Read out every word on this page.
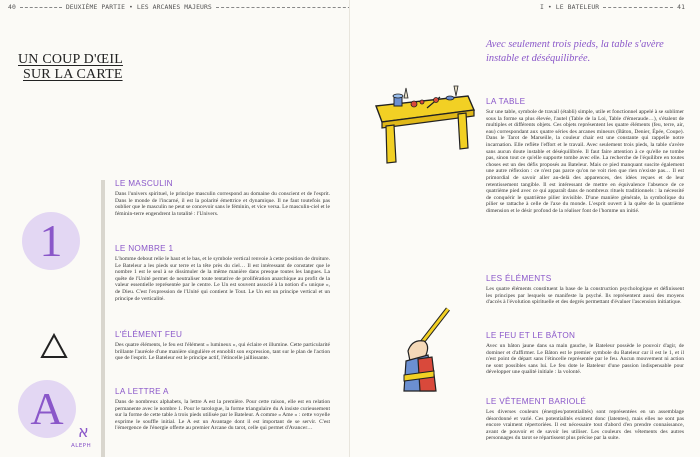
40	DEUXIÈME PARTIE • LES ARCANES MAJEURS
UN COUP D'ŒIL
SUR LA CARTE
1
A א
ALEPH
LE MASCULIN

Dans l'univers spirituel, le principe masculin correspond au domaine du conscient et de l'esprit. Dans le monde de l'incarné, il est la polarité émettrice et dynamique. Il ne faut toutefois pas oublier que le masculin ne peut se concevoir sans le féminin, et vice versa. Le masculin-ciel et le féminin-terre engendrent la totalité : l'Univers.

LE NOMBRE 1

L'homme debout relie le haut et le bas, et le symbole vertical renvoie à cette position de droiture. Le Bateleur a les pieds sur terre et la tête près du ciel… Il est intéressant de constater que le nombre 1 est le seul à se dissimuler de la même manière dans presque toutes les langues. La quête de l'Unité permet de neutraliser toute tentative de prolifération anarchique au profit de la valeur essentielle représentée par le centre. Le Un est souvent associé à la notion d'« unique », de Dieu. C'est l'expression de l'Unité qui contient le Tout. Le Un est un principe vertical et un principe de verticalité.

L'ÉLÉMENT FEU

Des quatre éléments, le feu est l'élément « lumineux », qui éclaire et illumine. Cette particularité brillante l'auréole d'une manière singulière et ennoblit son expression, tant sur le plan de l'action que de l'esprit. Le Bateleur est le principe actif, l'étincelle jaillissante.

LA LETTRE A

Dans de nombreux alphabets, la lettre A est la première. Pour cette raison, elle est en relation permanente avec le nombre 1. Pour le tarologue, la forme triangulaire du A insiste curieusement sur la forme de cette table à trois pieds utilisée par le Bateleur. A comme « Ame » : cette voyelle exprime le souffle initial. Le A est un Avantage dont il est important de se servir. C'est l'émergence de l'énergie offerte au premier Arcane du tarot, celle qui permet d'Avancer…

I • LE BATELEUR	41
Avec seulement trois pieds, la table s'avère instable et déséquilibrée.
LA TABLE

Sur une table, symbole de travail (établi) simple, utile et fonctionnel appelé à se sublimer sous la forme sa plus élevée, l'autel (Table de la Loi, Table d'émeraude…), s'étalent de multiples et différents objets. Ces objets représentent les quatre éléments (feu, terre, air, eau) correspondant aux quatre séries des arcanes mineurs (Bâton, Denier, Épée, Coupe). Dans le Tarot de Marseille, la couleur chair est une constante qui rappelle notre incarnation. Elle reflète l'effort et le travail. Avec seulement trois pieds, la table s'avère sans aucun doute instable et déséquilibrée. Il faut faire attention à ce qu'elle ne tombe pas, sinon tout ce qu'elle supporte tombe avec elle. La recherche de l'équilibre en toutes choses est un des défis proposés au Bateleur. Mais ce pied manquant suscite également une autre réflexion : ce n'est pas parce qu'on ne voit rien que rien n'existe pas… Il est primordial de savoir aller au-delà des apparences, des idées reçues et de leur retentissement tangible. Il est intéressant de mettre en équivalence l'absence de ce quatrième pied avec ce qui apparaît dans de nombreux rituels traditionnels : la nécessité de conquérir le quatrième pilier invisible. D'une manière générale, la symbolique du pilier se rattache à celle de l'axe du monde. L'esprit ouvert à la quête de la quatrième dimension et le désir profond de la réaliser font de l'homme un initié.

LES ÉLÉMENTS

Les quatre éléments constituent la base de la construction psychologique et définissent les principes par lesquels se manifeste la psyché. Ils représentent aussi des moyens d'accès à l'évolution spirituelle et des degrés permettant d'évaluer l'ascension initiatique.

LE FEU ET LE BÂTON

Avec un bâton jaune dans sa main gauche, le Bateleur possède le pouvoir d'agir, de dominer et d'affirmer. Le Bâton est le premier symbole du Bateleur car il est le 1, et il n'est point de départ sans l'étincelle représentée par le feu. Aucun mouvement ni action ne sont possibles sans lui. Le feu dote le Bateleur d'une passion indispensable pour développer une qualité initiale : la volonté.

LE VÊTEMENT BARIOLÉ

Les diverses couleurs (énergies/potentialités) sont représentées en un assemblage désordonné et varié. Ces potentialités existent donc (latentes), mais elles ne sont pas encore vraiment répertoriées. Il est nécessaire tout d'abord d'en prendre connaissance, avant de pouvoir et de savoir les utiliser. Les couleurs des vêtements des autres personnages du tarot se répartissent plus précise par la suite.
